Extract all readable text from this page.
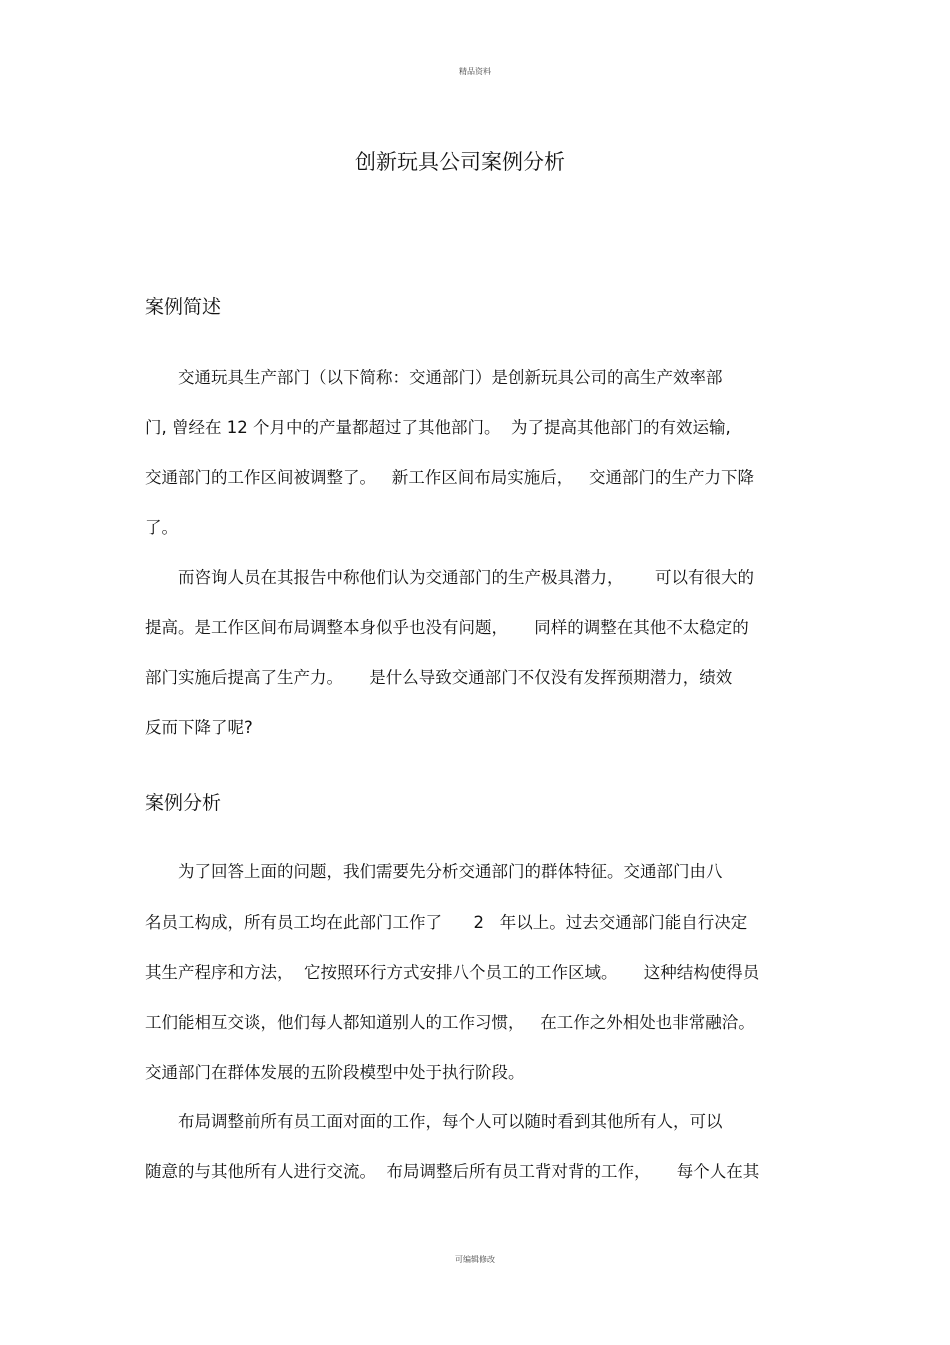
精品资料
创新玩具公司案例分析
案例简述
交通玩具生产部门（以下简称：交通部门）是创新玩具公司的高生产效率部
门, 曾经在 12 个月中的产量都超过了其他部门。  为了提高其他部门的有效运输,
交通部门的工作区间被调整了。   新工作区间布局实施后，   交通部门的生产力下降
了。
而咨询人员在其报告中称他们认为交通部门的生产极具潜力，      可以有很大的
提高。是工作区间布局调整本身似乎也没有问题，     同样的调整在其他不太稳定的
部门实施后提高了生产力。     是什么导致交通部门不仅没有发挥预期潜力，绩效
反而下降了呢?
案例分析
为了回答上面的问题，我们需要先分析交通部门的群体特征。交通部门由八
名员工构成，所有员工均在此部门工作了      2   年以上。过去交通部门能自行决定
其生产程序和方法，  它按照环行方式安排八个员工的工作区域。     这种结构使得员
工们能相互交谈，他们每人都知道别人的工作习惯，   在工作之外相处也非常融洽。
交通部门在群体发展的五阶段模型中处于执行阶段。
布局调整前所有员工面对面的工作，每个人可以随时看到其他所有人，可以
随意的与其他所有人进行交流。  布局调整后所有员工背对背的工作，     每个人在其
可编辑修改
